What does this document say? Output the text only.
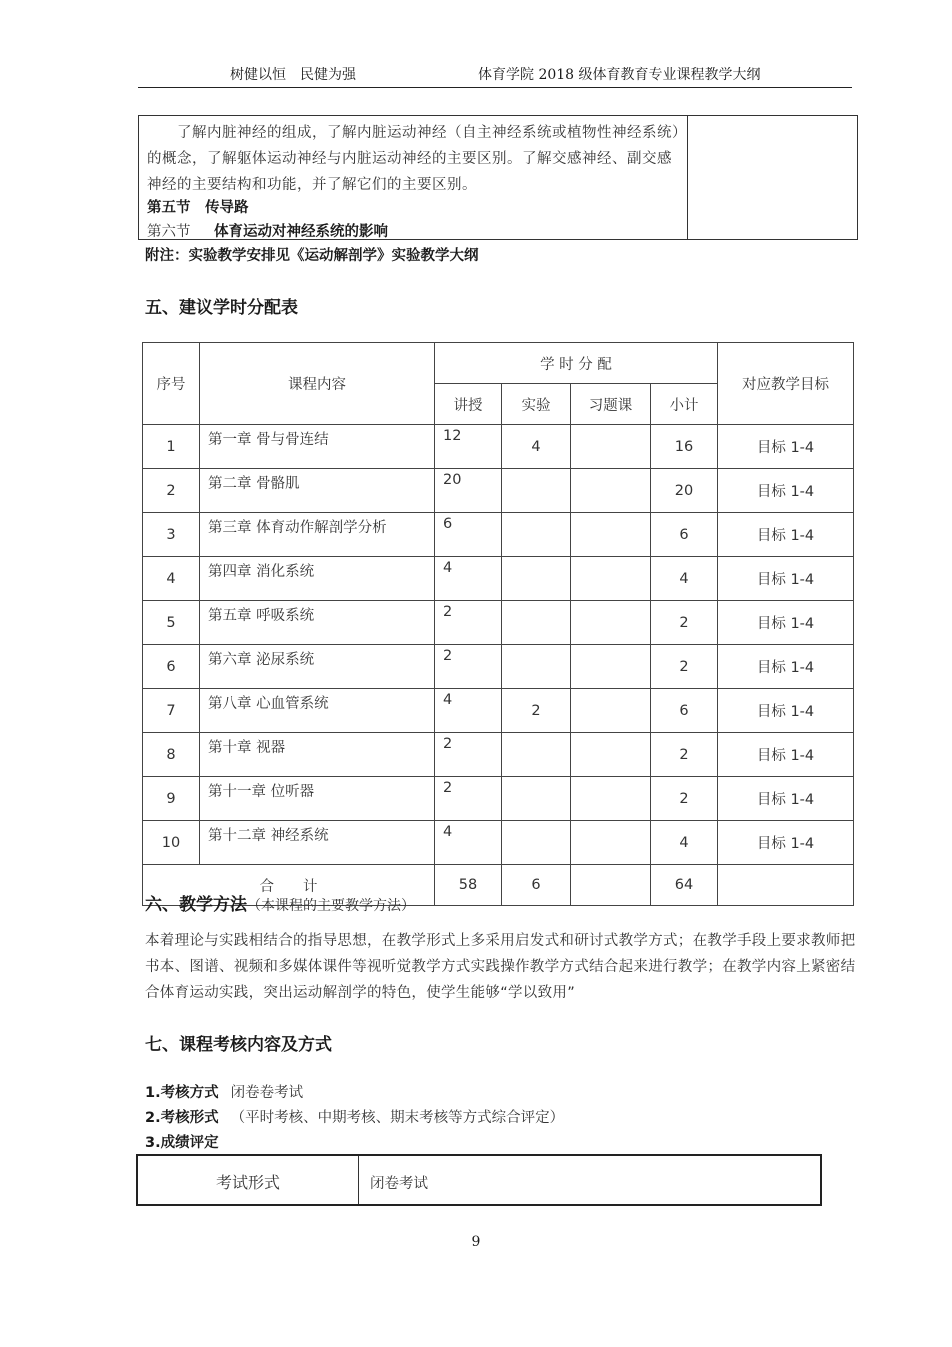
树健以恒　民健为强	体育学院 2018 级体育教育专业课程教学大纲
了解内脏神经的组成，了解内脏运动神经（自主神经系统或植物性神经系统）的概念，了解躯体运动神经与内脏运动神经的主要区别。了解交感神经、副交感神经的主要结构和功能，并了解它们的主要区别。
第五节　传导路
第六节 体育运动对神经系统的影响
附注：实验教学安排见《运动解剖学》实验教学大纲
五、建议学时分配表
序号	课程内容	学 时 分 配				对应教学目标
		讲授	实验	习题课	小计	
1	第一章 骨与骨连结	12	4		16	目标 1-4
2	第二章 骨骼肌	20			20	目标 1-4
3	第三章 体育动作解剖学分析	6			6	目标 1-4
4	第四章 消化系统	4			4	目标 1-4
5	第五章 呼吸系统	2			2	目标 1-4
6	第六章 泌尿系统	2			2	目标 1-4
7	第八章 心血管系统	4	2		6	目标 1-4
8	第十章 视器	2			2	目标 1-4
9	第十一章 位听器	2			2	目标 1-4
10	第十二章 神经系统	4			4	目标 1-4
合　　计		58	6		64	
六、教学方法（本课程的主要教学方法）
本着理论与实践相结合的指导思想，在教学形式上多采用启发式和研讨式教学方式；在教学手段上要求教师把书本、图谱、视频和多媒体课件等视听觉教学方式实践操作教学方式结合起来进行教学；在教学内容上紧密结合体育运动实践，突出运动解剖学的特色，使学生能够“学以致用”
七、课程考核内容及方式
1.考核方式 闭卷卷考试
2.考核形式 （平时考核、中期考核、期末考核等方式综合评定）
3.成绩评定
考试形式	闭卷考试
9
